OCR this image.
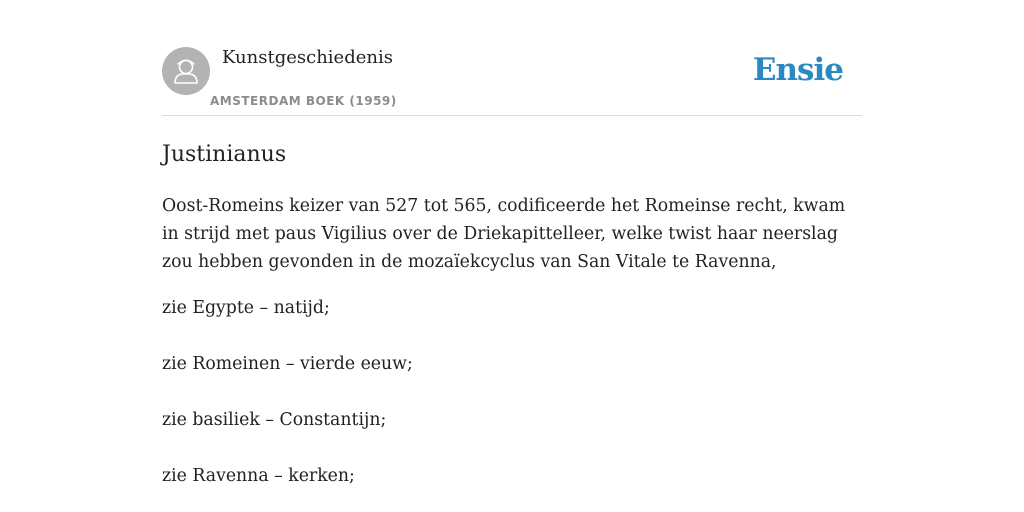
Kunstgeschiedenis
AMSTERDAM BOEK (1959)
Ensie
Justinianus

Oost-Romeins keizer van 527 tot 565, codificeerde het Romeinse recht, kwam in strijd met paus Vigilius over de Driekapittelleer, welke twist haar neerslag zou hebben gevonden in de mozaïekcyclus van San Vitale te Ravenna,

zie Egypte – natijd;
zie Romeinen – vierde eeuw;
zie basiliek – Constantijn;
zie Ravenna – kerken;
